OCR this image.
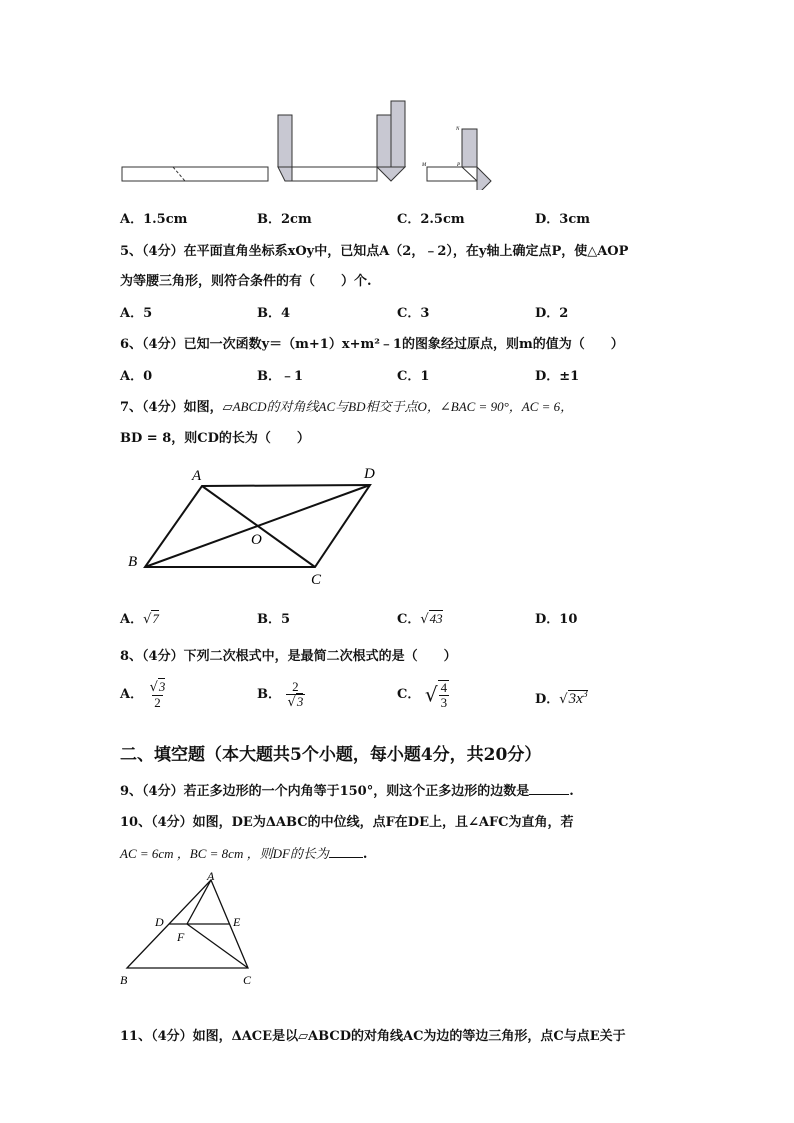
N
M	P
A．1.5cm	B．2cm	C．2.5cm	D．3cm
5、（4分）在平面直角坐标系xOy中，已知点A（2，﹣2），在y轴上确定点P，使△AOP
为等腰三角形，则符合条件的有（　　）个.
A．5	B．4	C．3	D．2
6、（4分）已知一次函数y＝（m+1）x+m²﹣1的图象经过原点，则m的值为（　　）
A．0	B．﹣1	C．1	D．±1
7、（4分）如图，⏥ABCD的对角线AC与BD相交于点O，∠BAC = 90°，AC = 6，
BD = 8，则CD的长为（　　）
A	D
B
C
O
A．√7	B．5	C．√43	D．10
8、（4分）下列二次根式中，是最简二次根式的是（　　）
A． $\frac{√3}{2}$	B． $\frac{2}{√3}$	C． √ $\frac{4}{3}$	D．$√3x^3$
二、填空题（本大题共5个小题，每小题4分，共20分）
9、（4分）若正多边形的一个内角等于150°，则这个正多边形的边数是	.
10、（4分）如图，DE为ΔABC的中位线，点F在DE上，且∠AFC为直角，若
AC = 6cm ，BC = 8cm ，则DF的长为	.
A
D	E
F
B	C
11、（4分）如图，ΔACE是以▱ABCD的对角线AC为边的等边三角形，点C与点E关于
